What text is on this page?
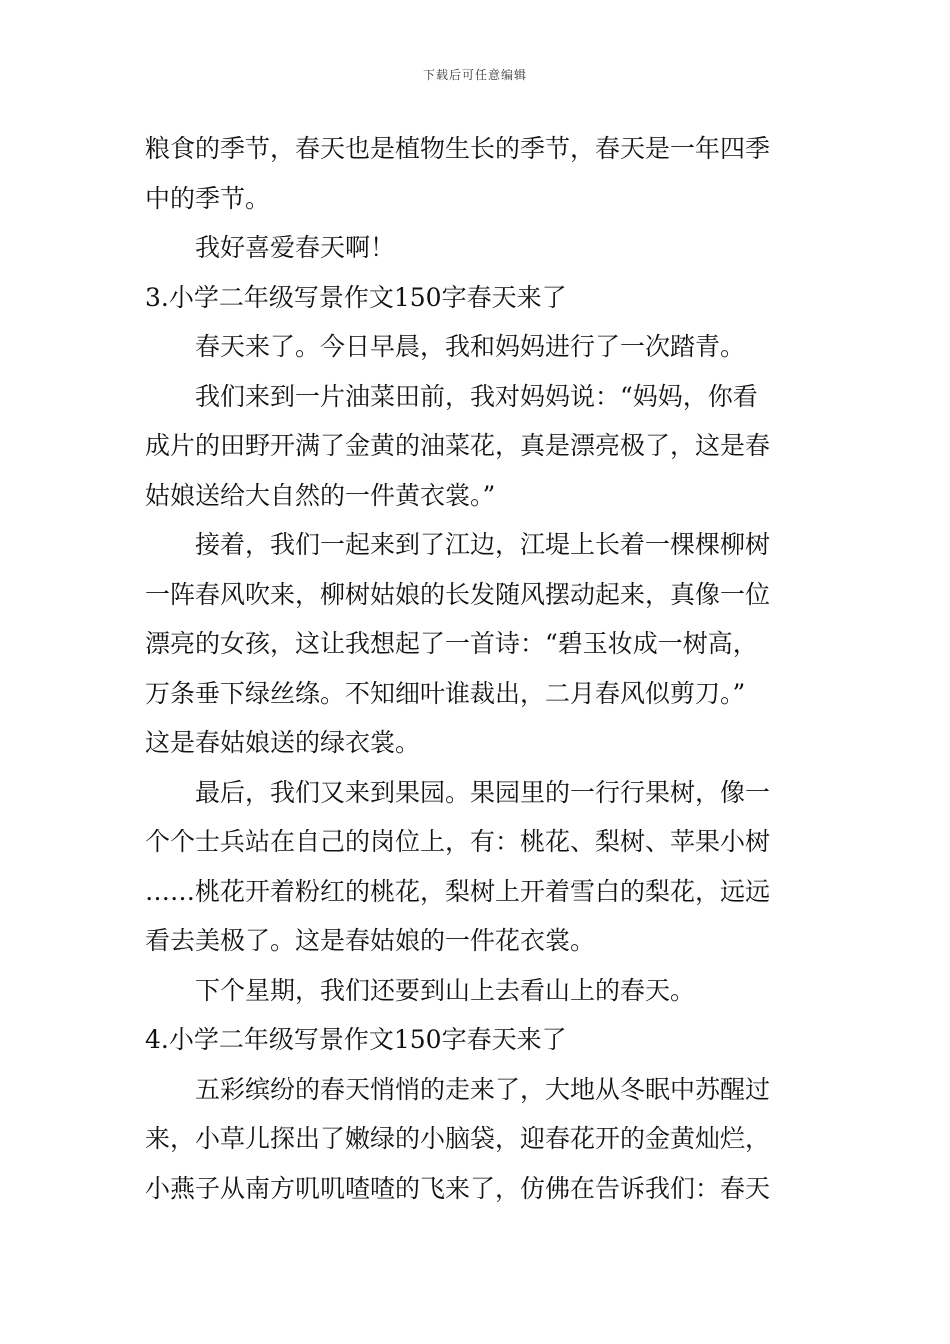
下载后可任意编辑
粮食的季节，春天也是植物生长的季节，春天是一年四季
中的季节。
我好喜爱春天啊！
3.小学二年级写景作文150字春天来了
春天来了。今日早晨，我和妈妈进行了一次踏青。
我们来到一片油菜田前，我对妈妈说：“妈妈，你看
成片的田野开满了金黄的油菜花，真是漂亮极了，这是春
姑娘送给大自然的一件黄衣裳。”
接着，我们一起来到了江边，江堤上长着一棵棵柳树
一阵春风吹来，柳树姑娘的长发随风摆动起来，真像一位
漂亮的女孩，这让我想起了一首诗：“碧玉妆成一树高，
万条垂下绿丝绦。不知细叶谁裁出，二月春风似剪刀。”
这是春姑娘送的绿衣裳。
最后，我们又来到果园。果园里的一行行果树，像一
个个士兵站在自己的岗位上，有：桃花、梨树、苹果小树
……桃花开着粉红的桃花，梨树上开着雪白的梨花，远远
看去美极了。这是春姑娘的一件花衣裳。
下个星期，我们还要到山上去看山上的春天。
4.小学二年级写景作文150字春天来了
五彩缤纷的春天悄悄的走来了，大地从冬眠中苏醒过
来，小草儿探出了嫩绿的小脑袋，迎春花开的金黄灿烂，
小燕子从南方叽叽喳喳的飞来了，仿佛在告诉我们：春天
